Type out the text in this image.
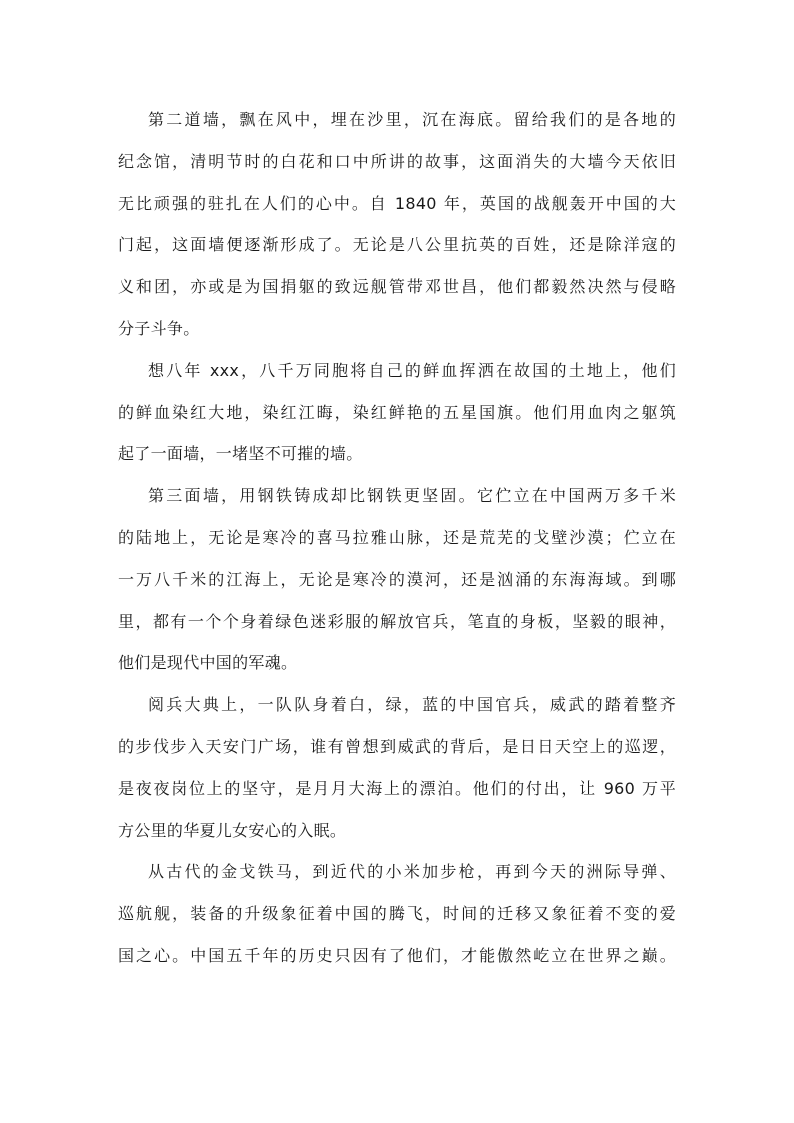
第二道墙，飘在风中，埋在沙里，沉在海底。留给我们的是各地的
纪念馆，清明节时的白花和口中所讲的故事，这面消失的大墙今天依旧
无比顽强的驻扎在人们的心中。自 1840 年，英国的战舰轰开中国的大
门起，这面墙便逐渐形成了。无论是八公里抗英的百姓，还是除洋寇的
义和团，亦或是为国捐躯的致远舰管带邓世昌，他们都毅然决然与侵略
分子斗争。

想八年 xxx，八千万同胞将自己的鲜血挥洒在故国的土地上，他们
的鲜血染红大地，染红江晦，染红鲜艳的五星国旗。他们用血肉之躯筑
起了一面墙，一堵坚不可摧的墙。

第三面墙，用钢铁铸成却比钢铁更坚固。它伫立在中国两万多千米
的陆地上，无论是寒冷的喜马拉雅山脉，还是荒芜的戈壁沙漠；伫立在
一万八千米的江海上，无论是寒冷的漠河，还是汹涌的东海海域。到哪
里，都有一个个身着绿色迷彩服的解放官兵，笔直的身板，坚毅的眼神，
他们是现代中国的军魂。

阅兵大典上，一队队身着白，绿，蓝的中国官兵，威武的踏着整齐
的步伐步入天安门广场，谁有曾想到威武的背后，是日日天空上的巡逻，
是夜夜岗位上的坚守，是月月大海上的漂泊。他们的付出，让 960 万平
方公里的华夏儿女安心的入眠。

从古代的金戈铁马，到近代的小米加步枪，再到今天的洲际导弹、
巡航舰，装备的升级象征着中国的腾飞，时间的迁移又象征着不变的爱
国之心。中国五千年的历史只因有了他们，才能傲然屹立在世界之巅。
